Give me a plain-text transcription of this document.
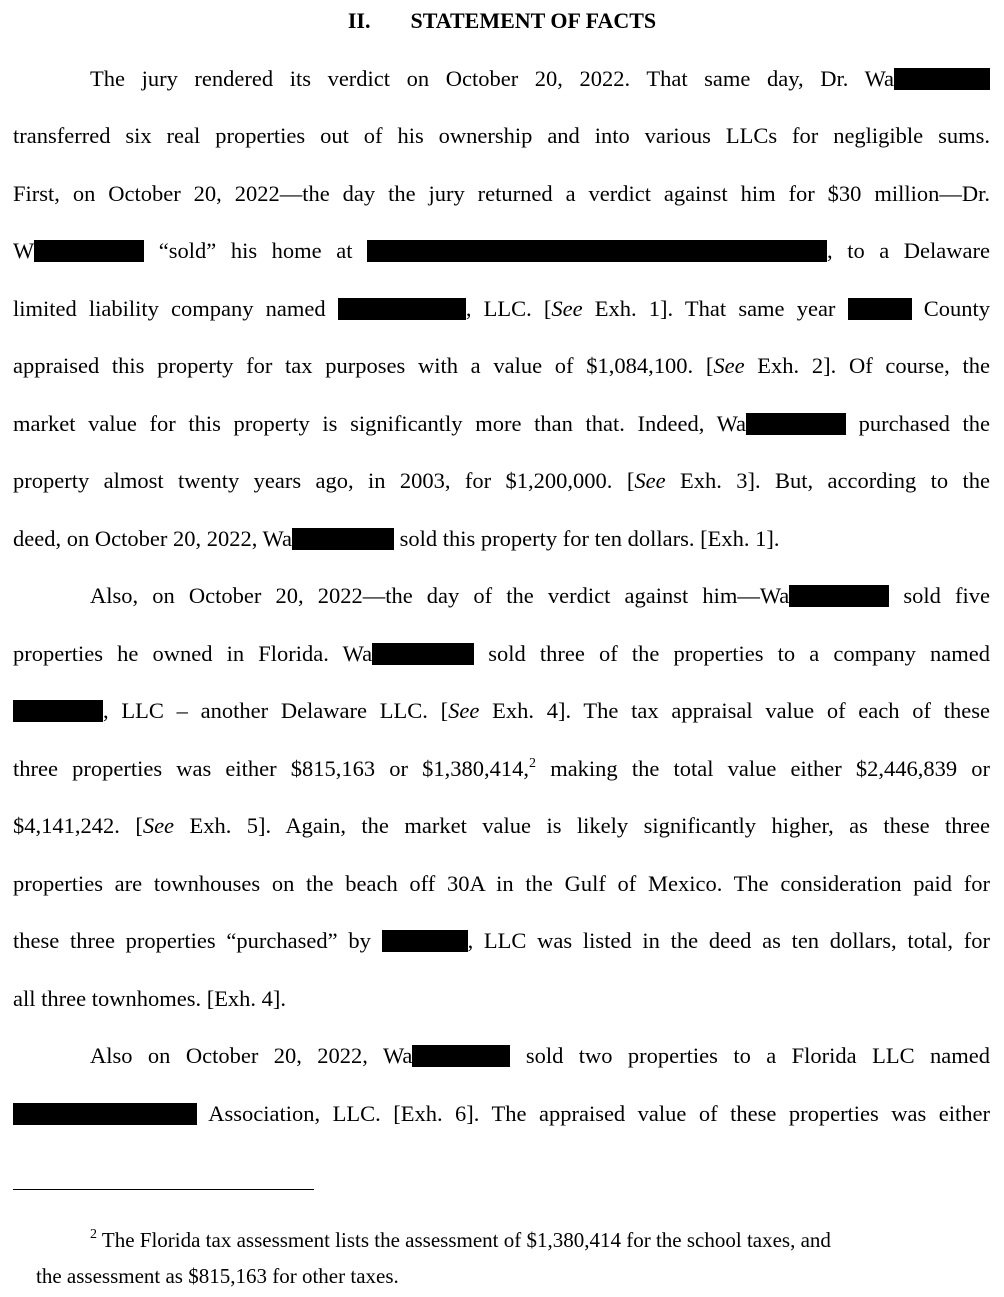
II. STATEMENT OF FACTS
The jury rendered its verdict on October 20, 2022. That same day, Dr. Wa
transferred six real properties out of his ownership and into various LLCs for negligible sums.
First, on October 20, 2022—the day the jury returned a verdict against him for $30 million—Dr.
W	“sold” his home at	, to a Delaware
limited liability company named	, LLC. [See Exh. 1]. That same year	County
appraised this property for tax purposes with a value of $1,084,100. [See Exh. 2]. Of course, the
market value for this property is significantly more than that. Indeed, Wa	purchased the
property almost twenty years ago, in 2003, for $1,200,000. [See Exh. 3]. But, according to the
deed, on October 20, 2022, Wa	sold this property for ten dollars. [Exh. 1].
Also, on October 20, 2022—the day of the verdict against him—Wa	sold five
properties he owned in Florida. Wa	sold three of the properties to a company named
, LLC – another Delaware LLC. [See Exh. 4]. The tax appraisal value of each of these
three properties was either $815,163 or $1,380,414,$^2$ making the total value either $2,446,839 or
$4,141,242. [See Exh. 5]. Again, the market value is likely significantly higher, as these three
properties are townhouses on the beach off 30A in the Gulf of Mexico. The consideration paid for
these three properties “purchased” by	, LLC was listed in the deed as ten dollars, total, for
all three townhomes. [Exh. 4].
Also on October 20, 2022, Wa	sold two properties to a Florida LLC named
Association, LLC. [Exh. 6]. The appraised value of these properties was either
$^2$ The Florida tax assessment lists the assessment of $1,380,414 for the school taxes, and
the assessment as $815,163 for other taxes.
